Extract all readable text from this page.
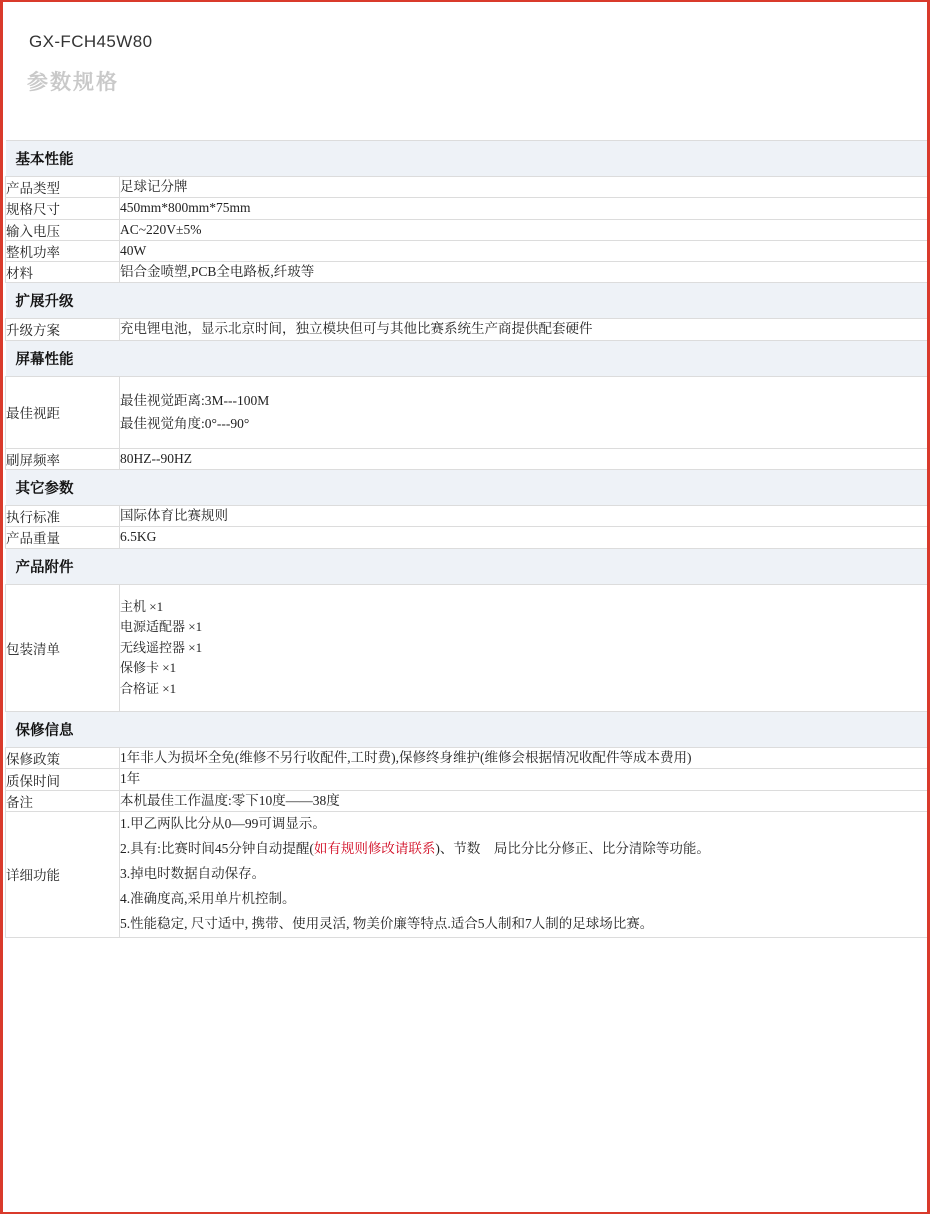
GX-FCH45W80
参数规格
基本性能	
产品类型	足球记分牌
规格尺寸	450mm*800mm*75mm
输入电压	AC~220V±5%
整机功率	40W
材料	铝合金喷塑,PCB全电路板,纤玻等
扩展升级	
升级方案	充电锂电池，显示北京时间，独立模块但可与其他比赛系统生产商提供配套硬件
屏幕性能	
最佳视距	最佳视觉距离:3M---100M
最佳视觉角度:0°---90°

刷屏频率	80HZ--90HZ
其它参数	
执行标准	国际体育比赛规则
产品重量	6.5KG
产品附件	
包装清单	主机 ×1
电源适配器 ×1
无线遥控器 ×1
保修卡 ×1
合格证 ×1

保修信息	
保修政策	1年非人为损坏全免(维修不另行收配件,工时费),保修终身维护(维修会根据情况收配件等成本费用)
质保时间	1年
备注	本机最佳工作温度:零下10度——38度
详细功能	1.甲乙两队比分从0—99可调显示。
2.具有:比赛时间45分钟自动提醒(如有规则修改请联系)、节数　局比分比分修正、比分清除等功能。
3.掉电时数据自动保存。
4.准确度高,采用单片机控制。
5.性能稳定, 尺寸适中, 携带、使用灵活, 物美价廉等特点.适合5人制和7人制的足球场比赛。
